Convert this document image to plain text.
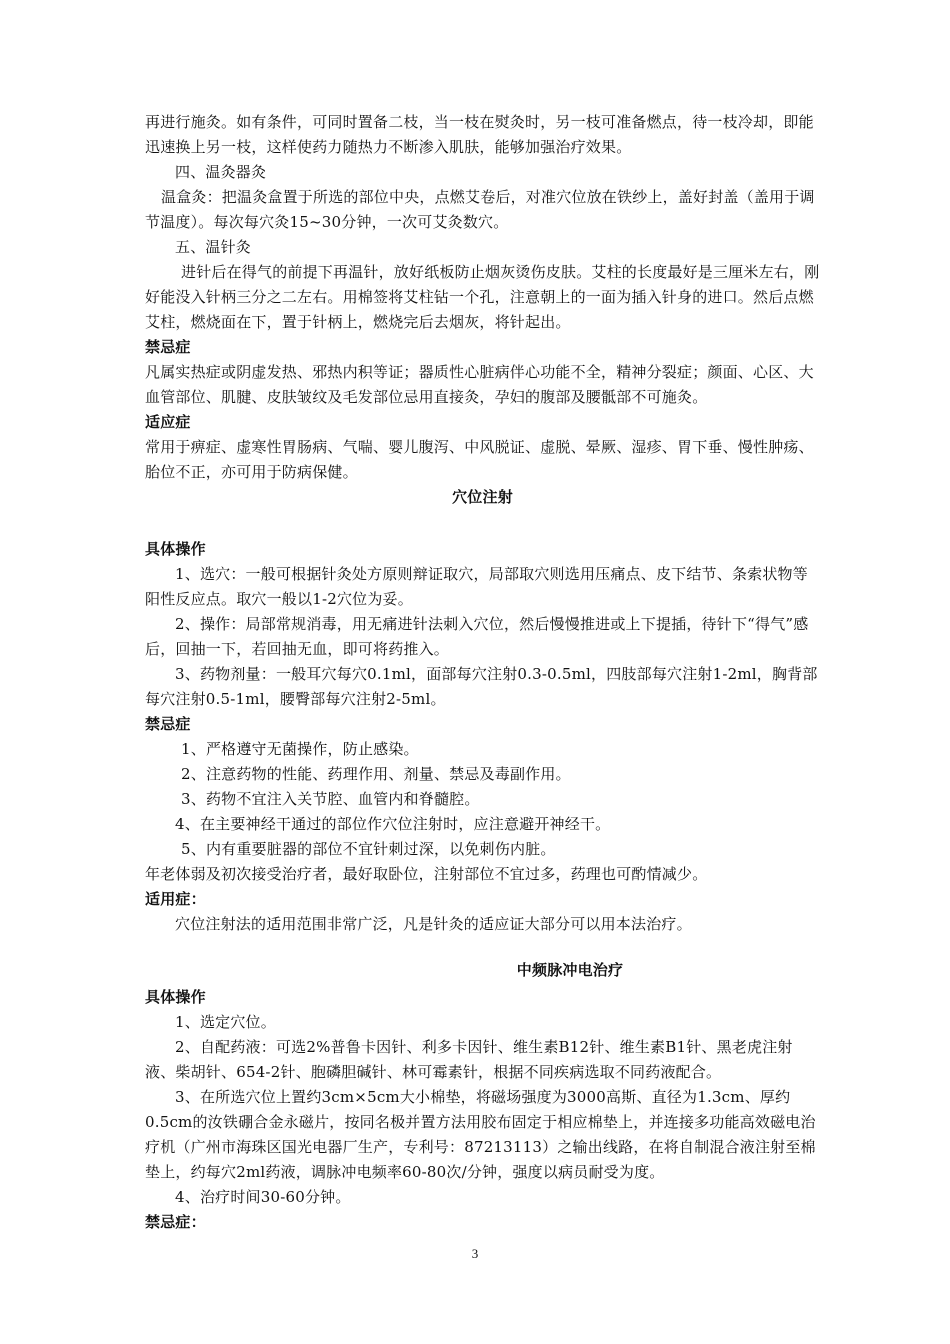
再进行施灸。如有条件，可同时置备二枝，当一枝在熨灸时，另一枝可准备燃点，待一枝冷却，即能迅速换上另一枝，这样使药力随热力不断渗入肌肤，能够加强治疗效果。

四、温灸器灸

温盒灸：把温灸盒置于所选的部位中央，点燃艾卷后，对准穴位放在铁纱上，盖好封盖（盖用于调节温度）。每次每穴灸15~30分钟，一次可艾灸数穴。

五、温针灸

进针后在得气的前提下再温针，放好纸板防止烟灰烫伤皮肤。艾柱的长度最好是三厘米左右，刚好能没入针柄三分之二左右。用棉签将艾柱钻一个孔，注意朝上的一面为插入针身的进口。然后点燃艾柱，燃烧面在下，置于针柄上，燃烧完后去烟灰，将针起出。

禁忌症

凡属实热症或阴虚发热、邪热内积等证；器质性心脏病伴心功能不全，精神分裂症；颜面、心区、大血管部位、肌腱、皮肤皱纹及毛发部位忌用直接灸，孕妇的腹部及腰骶部不可施灸。

适应症

常用于痹症、虚寒性胃肠病、气喘、婴儿腹泻、中风脱证、虚脱、晕厥、湿疹、胃下垂、慢性肿疡、胎位不正，亦可用于防病保健。

穴位注射

具体操作

1、选穴：一般可根据针灸处方原则辩证取穴，局部取穴则选用压痛点、皮下结节、条索状物等阳性反应点。取穴一般以1-2穴位为妥。

2、操作：局部常规消毒，用无痛进针法刺入穴位，然后慢慢推进或上下提插，待针下“得气”感后，回抽一下，若回抽无血，即可将药推入。

3、药物剂量：一般耳穴每穴0.1ml，面部每穴注射0.3-0.5ml，四肢部每穴注射1-2ml，胸背部每穴注射0.5-1ml，腰臀部每穴注射2-5ml。

禁忌症

1、严格遵守无菌操作，防止感染。

2、注意药物的性能、药理作用、剂量、禁忌及毒副作用。

3、药物不宜注入关节腔、血管内和脊髓腔。

4、在主要神经干通过的部位作穴位注射时，应注意避开神经干。

5、内有重要脏器的部位不宜针刺过深，以免刺伤内脏。

年老体弱及初次接受治疗者，最好取卧位，注射部位不宜过多，药理也可酌情减少。

适用症：

穴位注射法的适用范围非常广泛，凡是针灸的适应证大部分可以用本法治疗。

中频脉冲电治疗

具体操作

1、选定穴位。

2、自配药液：可选2%普鲁卡因针、利多卡因针、维生素B12针、维生素B1针、黑老虎注射液、柴胡针、654-2针、胞磷胆碱针、林可霉素针，根据不同疾病选取不同药液配合。

3、在所选穴位上置约3cm×5cm大小棉垫，将磁场强度为3000高斯、直径为1.3cm、厚约0.5cm的汝铁硼合金永磁片，按同名极并置方法用胶布固定于相应棉垫上，并连接多功能高效磁电治疗机（广州市海珠区国光电器厂生产，专利号：87213113）之输出线路，在将自制混合液注射至棉垫上，约每穴2ml药液，调脉冲电频率60-80次/分钟，强度以病员耐受为度。

4、治疗时间30-60分钟。

禁忌症：

3
